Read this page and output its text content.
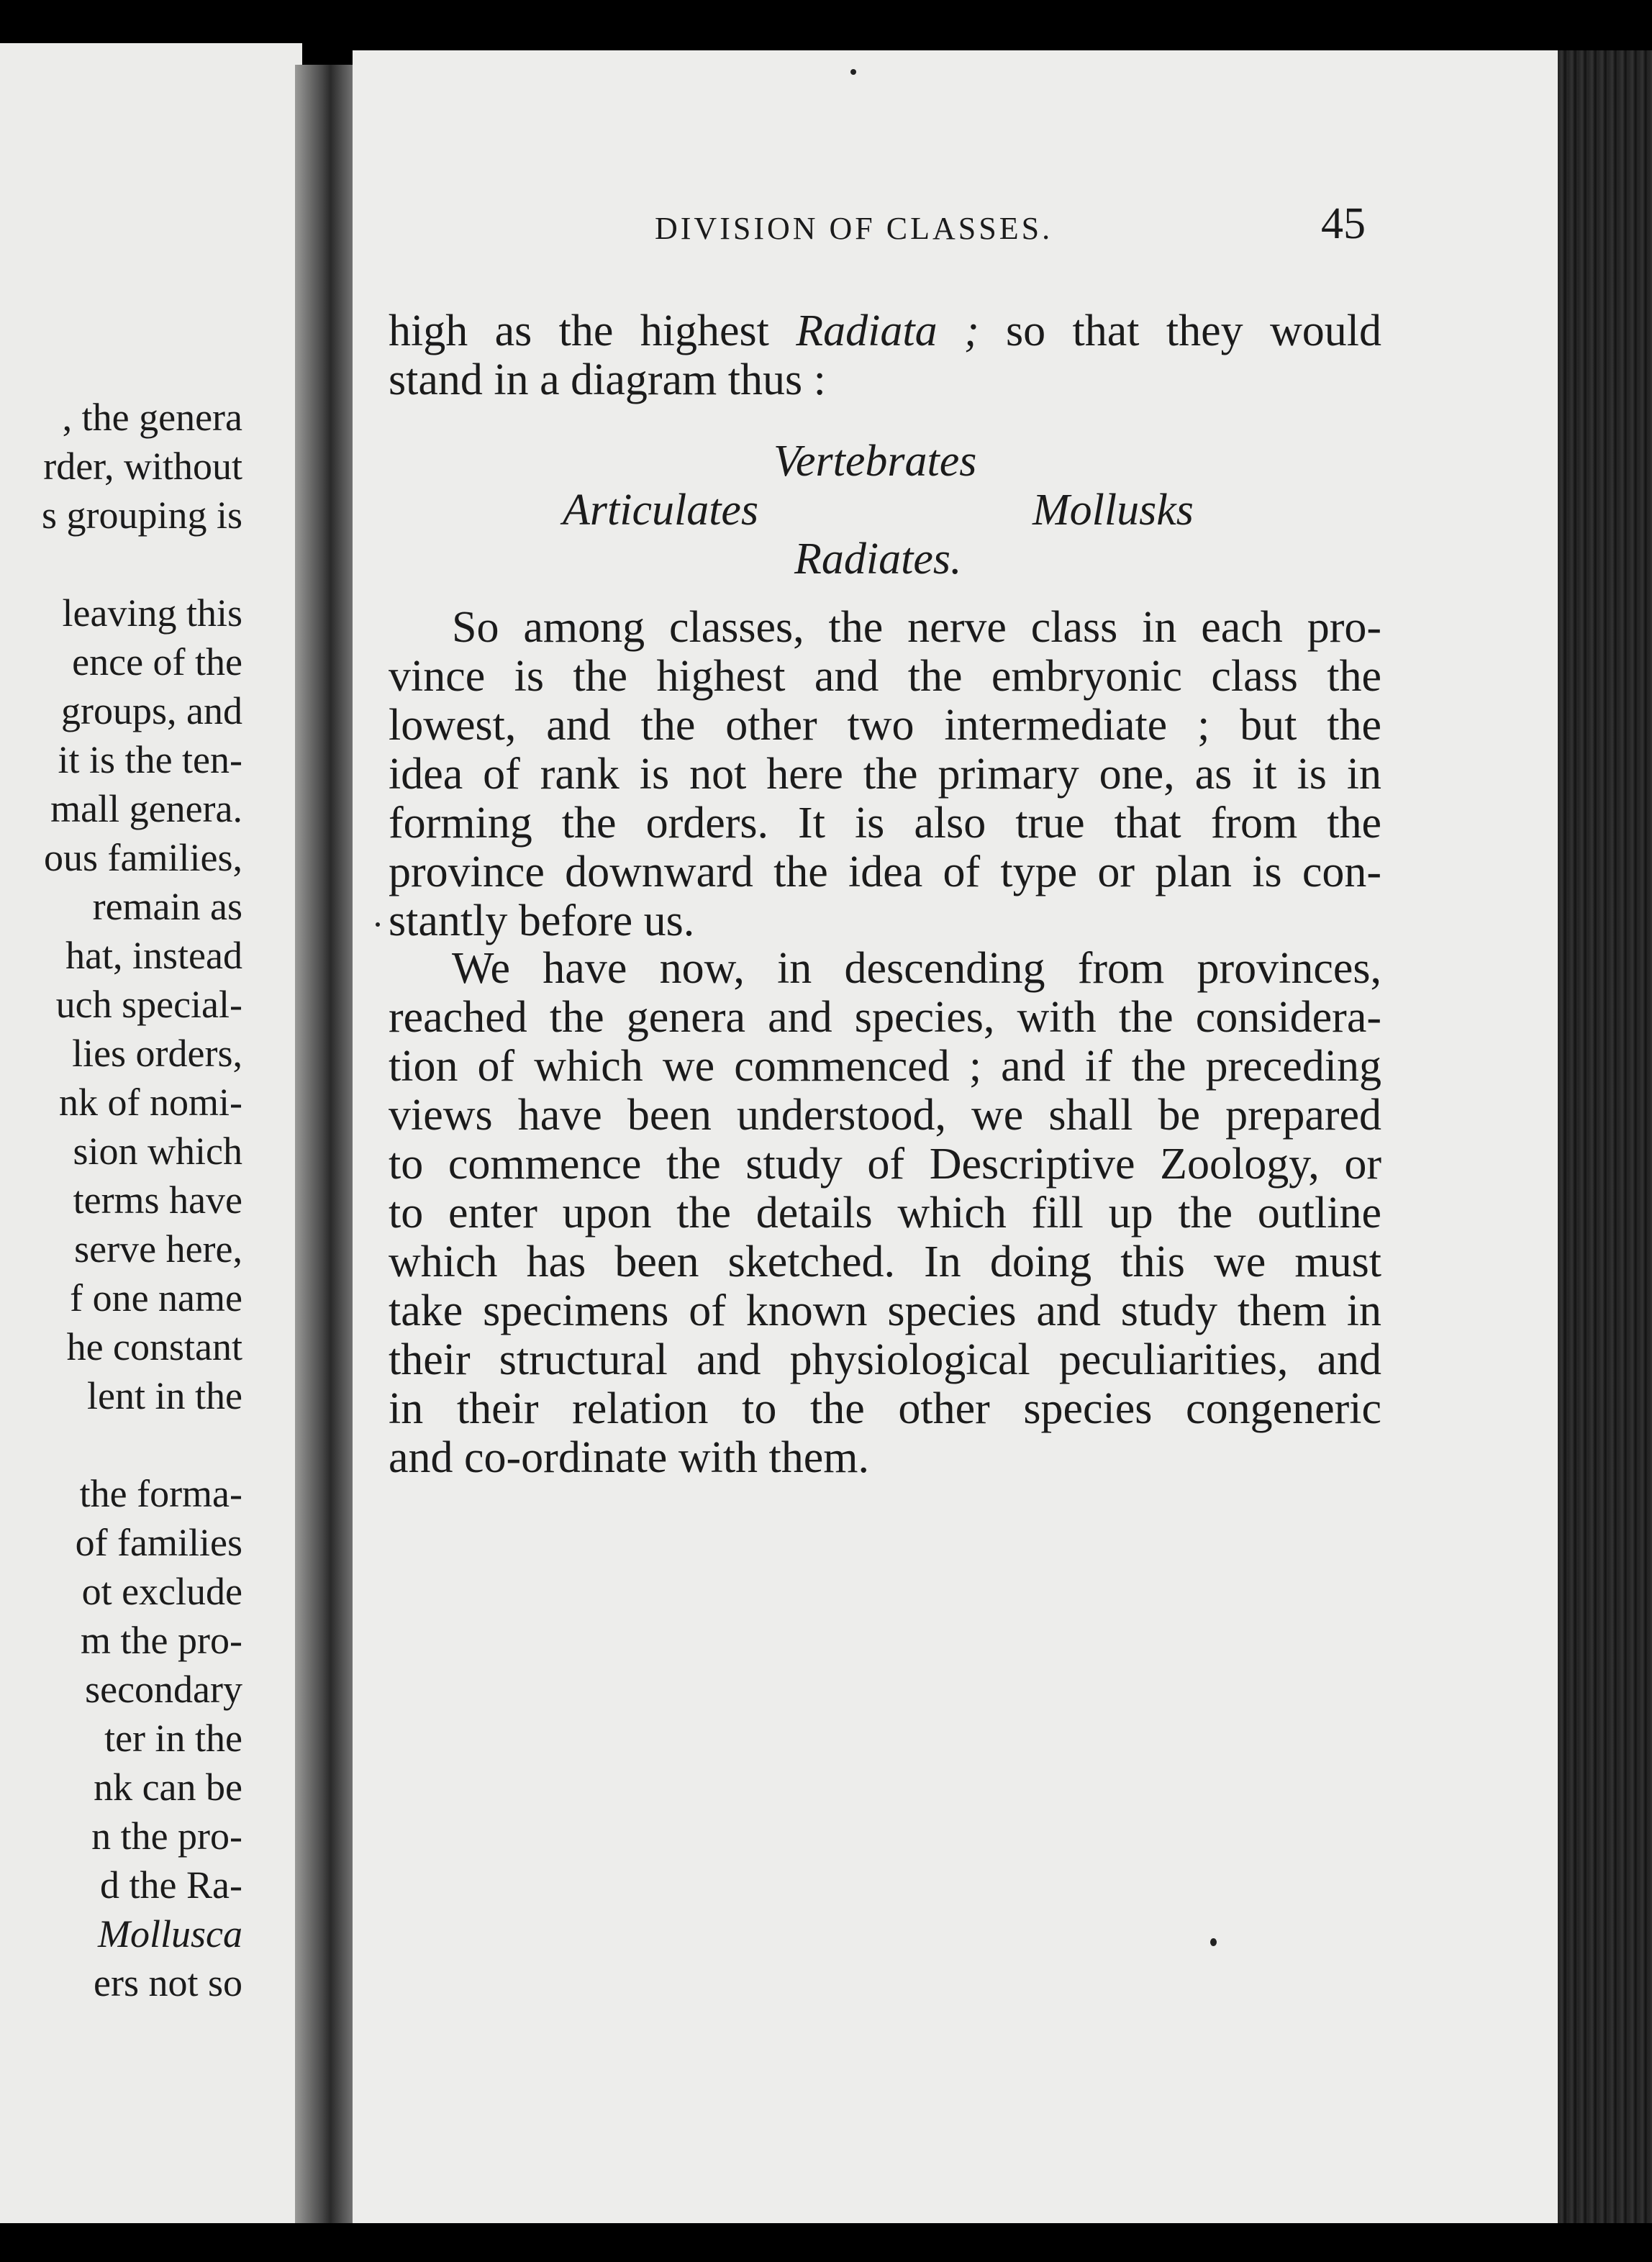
, the genera
rder, without
s grouping is
leaving this
ence of the
groups, and
it is the ten-
mall genera.
ous families,
remain as
hat, instead
uch special-
lies orders,
nk of nomi-
sion which
terms have
serve here,
f one name
he constant
lent in the
the forma-
of families
ot exclude
m the pro-
secondary
ter in the
nk can be
n the pro-
d the Ra-
Mollusca
ers not so
DIVISION OF CLASSES.	45
high as the highest Radiata ; so that they would
stand in a diagram thus :
Vertebrates
Articulates	Mollusks
Radiates.
So among classes, the nerve class in each pro-
vince is the highest and the embryonic class the
lowest, and the other two intermediate ; but the
idea of rank is not here the primary one, as it is in
forming the orders. It is also true that from the
province downward the idea of type or plan is con-
stantly before us.
We have now, in descending from provinces,
reached the genera and species, with the considera-
tion of which we commenced ; and if the preceding
views have been understood, we shall be prepared
to commence the study of Descriptive Zoology, or
to enter upon the details which fill up the outline
which has been sketched. In doing this we must
take specimens of known species and study them in
their structural and physiological peculiarities, and
in their relation to the other species congeneric
and co-ordinate with them.
